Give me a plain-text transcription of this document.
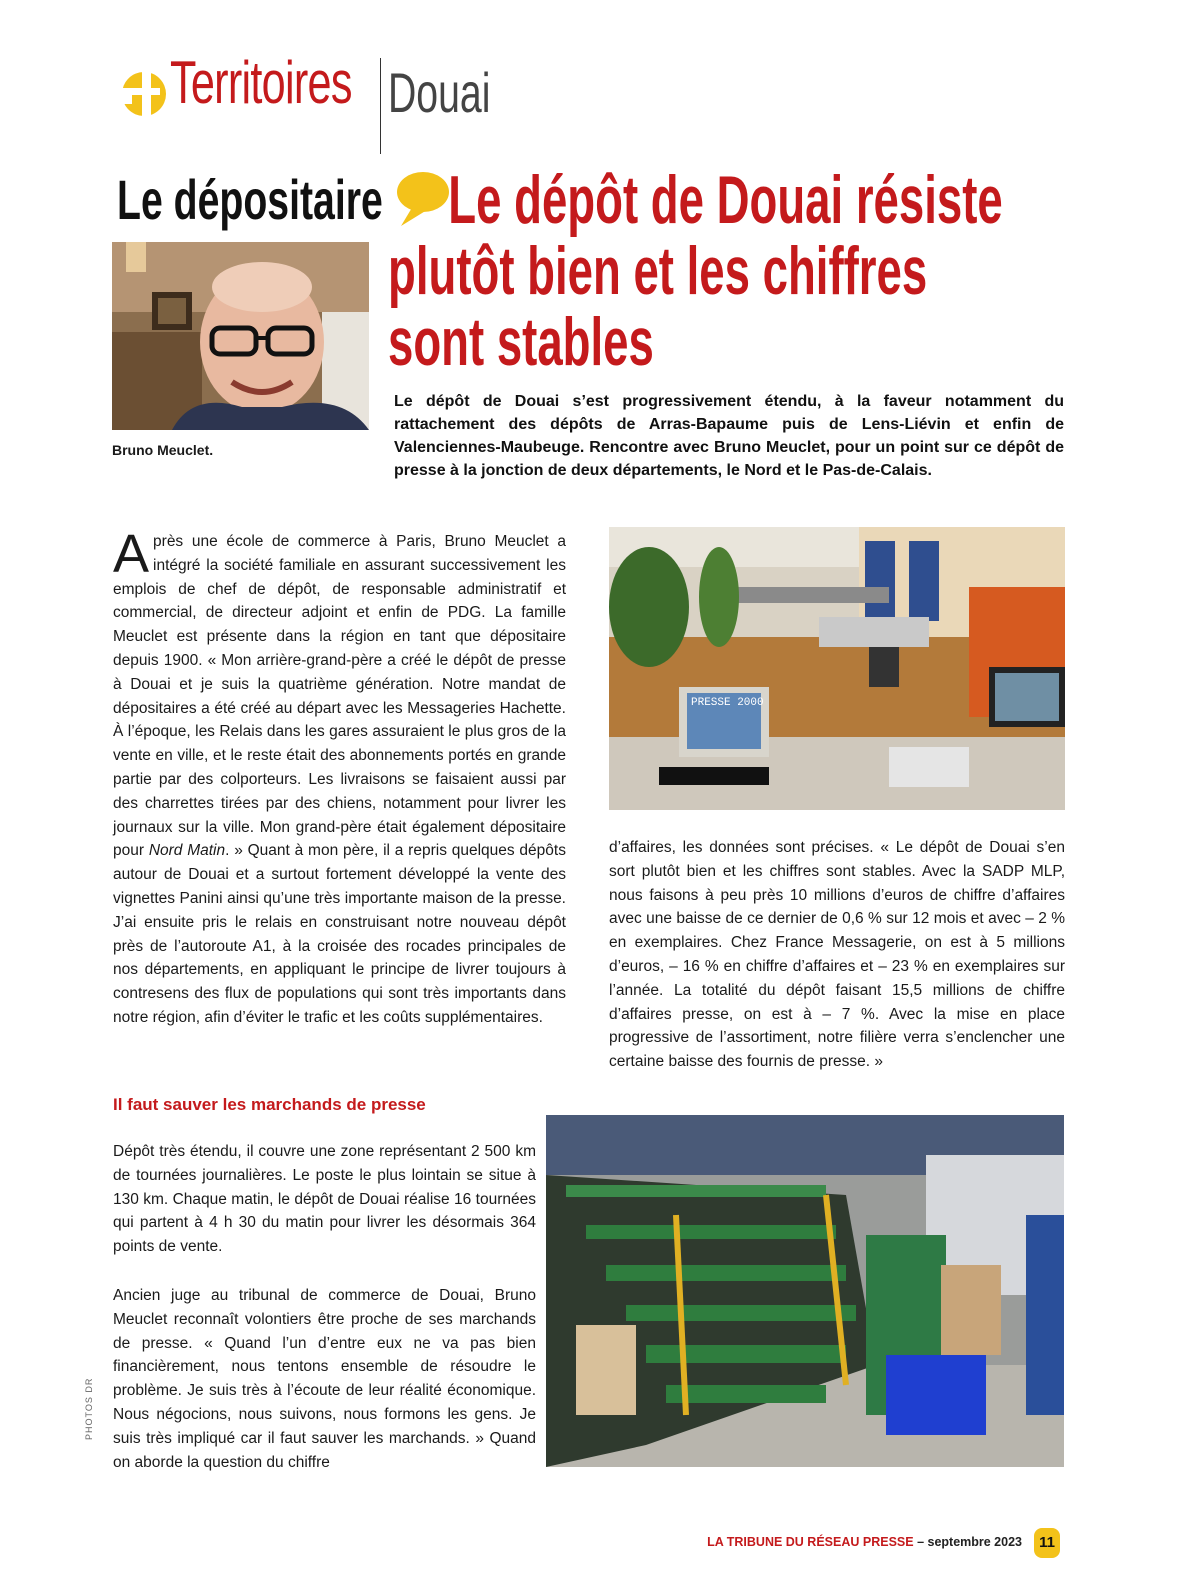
Territoires Douai
Le dépositaire
Bruno Meuclet.
Le dépôt de Douai résiste
plutôt bien et les chiffres
sont stables
Le dépôt de Douai s’est progressivement étendu, à la faveur notamment du rattachement des dépôts de Arras-Bapaume puis de Lens-Liévin et enfin de Valenciennes-Maubeuge. Rencontre avec Bruno Meuclet, pour un point sur ce dépôt de presse à la jonction de deux départements, le Nord et le Pas-de-Calais.

Après une école de commerce à Paris, Bruno Meuclet a intégré la société familiale en assurant successivement les emplois de chef de dépôt, de responsable administratif et commercial, de directeur adjoint et enfin de PDG. La famille Meuclet est présente dans la région en tant que dépositaire depuis 1900. « Mon arrière-grand-père a créé le dépôt de presse à Douai et je suis la quatrième génération. Notre mandat de dépositaires a été créé au départ avec les Messageries Hachette. À l’époque, les Relais dans les gares assuraient le plus gros de la vente en ville, et le reste était des abonnements portés en grande partie par des colporteurs. Les livraisons se faisaient aussi par des charrettes tirées par des chiens, notamment pour livrer les journaux sur la ville. Mon grand-père était également dépositaire pour Nord Matin. » Quant à mon père, il a repris quelques dépôts autour de Douai et a surtout fortement développé la vente des vignettes Panini ainsi qu’une très importante maison de la presse. J’ai ensuite pris le relais en construisant notre nouveau dépôt près de l’autoroute A1, à la croisée des rocades principales de nos départements, en appliquant le principe de livrer toujours à contresens des flux de populations qui sont très importants dans notre région, afin d’éviter le trafic et les coûts supplémentaires.

Il faut sauver les marchands de presse

Dépôt très étendu, il couvre une zone représentant 2 500 km de tournées journalières. Le poste le plus lointain se situe à 130 km. Chaque matin, le dépôt de Douai réalise 16 tournées qui partent à 4 h 30 du matin pour livrer les désormais 364 points de vente.

Ancien juge au tribunal de commerce de Douai, Bruno Meuclet reconnaît volontiers être proche de ses marchands de presse. « Quand l’un d’entre eux ne va pas bien financièrement, nous tentons ensemble de résoudre le problème. Je suis très à l’écoute de leur réalité économique. Nous négocions, nous suivons, nous formons les gens. Je suis très impliqué car il faut sauver les marchands. » Quand on aborde la question du chiffre

PRESSE 2000

d’affaires, les données sont précises. « Le dépôt de Douai s’en sort plutôt bien et les chiffres sont stables. Avec la SADP MLP, nous faisons à peu près 10 millions d’euros de chiffre d’affaires avec une baisse de ce dernier de 0,6 % sur 12 mois et avec – 2 % en exemplaires. Chez France Messagerie, on est à 5 millions d’euros, – 16 % en chiffre d’affaires et – 23 % en exemplaires sur l’année. La totalité du dépôt faisant 15,5 millions de chiffre d’affaires presse, on est à – 7 %. Avec la mise en place progressive de l’assortiment, notre filière verra s’enclencher une certaine baisse des fournis de presse. »

PHOTOS DR
LA TRIBUNE DU RÉSEAU PRESSE – septembre 2023	11
